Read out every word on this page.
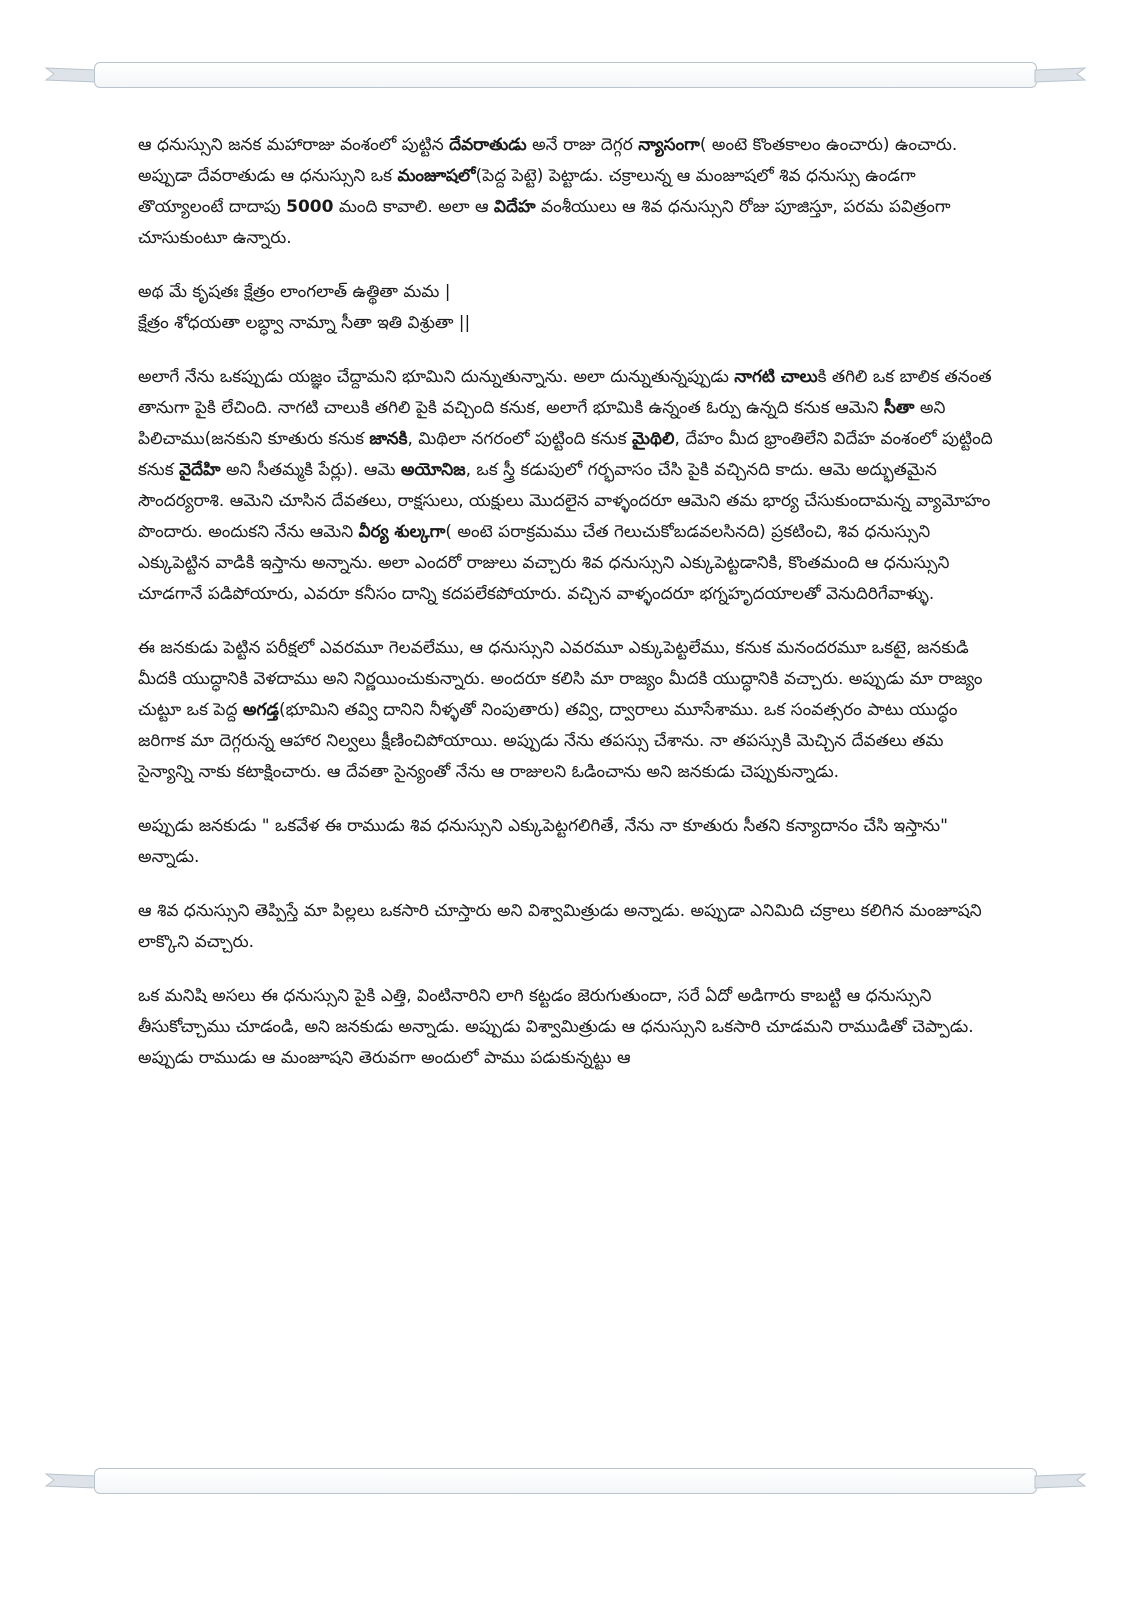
ఆ ధనుస్సుని జనక మహారాజు వంశంలో పుట్టిన దేవరాతుడు అనే రాజు దెగ్గర న్యాసంగా( అంటె కొంతకాలం ఉంచారు) ఉంచారు. అప్పుడా దేవరాతుడు ఆ ధనుస్సుని ఒక మంజూషలో(పెద్ద పెట్టె) పెట్టాడు. చక్రాలున్న ఆ మంజూషలో శివ ధనుస్సు ఉండగా తొయ్యాలంటే దాదాపు 5000 మంది కావాలి. అలా ఆ విదేహ వంశీయులు ఆ శివ ధనుస్సుని రోజు పూజిస్తూ, పరమ పవిత్రంగా చూసుకుంటూ ఉన్నారు.

అథ మే కృషతః క్షేత్రం లాంగలాత్ ఉత్థితా మమ |
క్షేత్రం శోధయతా లబ్ధ్వా నామ్నా సీతా ఇతి విశ్రుతా ||

అలాగే నేను ఒకప్పుడు యజ్ఞం చేద్దామని భూమిని దున్నుతున్నాను. అలా దున్నుతున్నప్పుడు నాగటి చాలుకి తగిలి ఒక బాలిక తనంత తానుగా పైకి లేచింది. నాగటి చాలుకి తగిలి పైకి వచ్చింది కనుక, అలాగే భూమికి ఉన్నంత ఓర్పు ఉన్నది కనుక ఆమెని సీతా అని పిలిచాము(జనకుని కూతురు కనుక జానకి, మిథిలా నగరంలో పుట్టింది కనుక మైథిలి, దేహం మీద భ్రాంతిలేని విదేహ వంశంలో పుట్టింది కనుక వైదేహి అని సీతమ్మకి పేర్లు). ఆమె అయోనిజ, ఒక స్త్రీ కడుపులో గర్భవాసం చేసి పైకి వచ్చినది కాదు. ఆమె అద్భుతమైన సౌందర్యరాశి. ఆమెని చూసిన దేవతలు, రాక్షసులు, యక్షులు మొదలైన వాళ్ళందరూ ఆమెని తమ భార్య చేసుకుందామన్న వ్యామోహం పొందారు. అందుకని నేను ఆమెని వీర్య శుల్కగా( అంటె పరాక్రమము చేత గెలుచుకోబడవలసినది) ప్రకటించి, శివ ధనుస్సుని ఎక్కుపెట్టిన వాడికి ఇస్తాను అన్నాను. అలా ఎందరో రాజులు వచ్చారు శివ ధనుస్సుని ఎక్కుపెట్టడానికి, కొంతమంది ఆ ధనుస్సుని చూడగానే పడిపోయారు, ఎవరూ కనీసం దాన్ని కదపలేకపోయారు. వచ్చిన వాళ్ళందరూ భగ్నహృదయాలతో వెనుదిరిగేవాళ్ళు.

ఈ జనకుడు పెట్టిన పరీక్షలో ఎవరమూ గెలవలేము, ఆ ధనుస్సుని ఎవరమూ ఎక్కుపెట్టలేము, కనుక మనందరమూ ఒకటై, జనకుడి మీదకి యుద్ధానికి వెళదాము అని నిర్ణయించుకున్నారు. అందరూ కలిసి మా రాజ్యం మీదకి యుద్ధానికి వచ్చారు. అప్పుడు మా రాజ్యం చుట్టూ ఒక పెద్ద అగడ్త(భూమిని తవ్వి దానిని నీళ్ళతో నింపుతారు) తవ్వి, ద్వారాలు మూసేశాము. ఒక సంవత్సరం పాటు యుద్ధం జరిగాక మా దెగ్గరున్న ఆహార నిల్వలు క్షీణించిపోయాయి. అప్పుడు నేను తపస్సు చేశాను. నా తపస్సుకి మెచ్చిన దేవతలు తమ సైన్యాన్ని నాకు కటాక్షించారు. ఆ దేవతా సైన్యంతో నేను ఆ రాజులని ఓడించాను అని జనకుడు చెప్పుకున్నాడు.

అప్పుడు జనకుడు " ఒకవేళ ఈ రాముడు శివ ధనుస్సుని ఎక్కుపెట్టగలిగితే, నేను నా కూతురు సీతని కన్యాదానం చేసి ఇస్తాను" అన్నాడు.

ఆ శివ ధనుస్సుని తెప్పిస్తే మా పిల్లలు ఒకసారి చూస్తారు అని విశ్వామిత్రుడు అన్నాడు. అప్పుడా ఎనిమిది చక్రాలు కలిగిన మంజూషని లాక్కొని వచ్చారు.

ఒక మనిషి అసలు ఈ ధనుస్సుని పైకి ఎత్తి, వింటినారిని లాగి కట్టడం జెరుగుతుందా, సరే ఏదో అడిగారు కాబట్టి ఆ ధనుస్సుని తీసుకోచ్చాము చూడండి, అని జనకుడు అన్నాడు. అప్పుడు విశ్వామిత్రుడు ఆ ధనుస్సుని ఒకసారి చూడమని రాముడితో చెప్పాడు. అప్పుడు రాముడు ఆ మంజూషని తెరువగా అందులో పాము పడుకున్నట్టు ఆ
